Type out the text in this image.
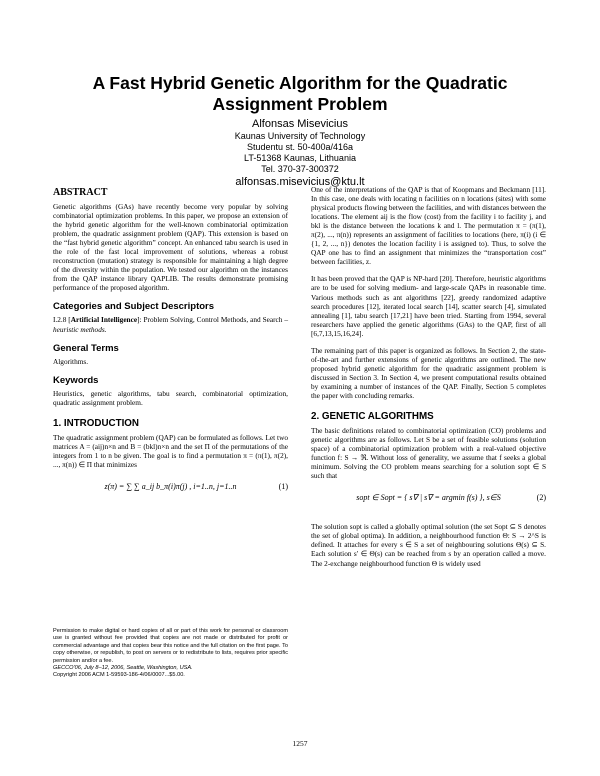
A Fast Hybrid Genetic Algorithm for the Quadratic
Assignment Problem
Alfonsas Misevicius
Kaunas University of Technology
Studentu st. 50-400a/416a
LT-51368 Kaunas, Lithuania
Tel. 370-37-300372
alfonsas.misevicius@ktu.lt
ABSTRACT

Genetic algorithms (GAs) have recently become very popular by solving combinatorial optimization problems. In this paper, we propose an extension of the hybrid genetic algorithm for the well-known combinatorial optimization problem, the quadratic assignment problem (QAP). This extension is based on the “fast hybrid genetic algorithm” concept. An enhanced tabu search is used in the role of the fast local improvement of solutions, whereas a robust reconstruction (mutation) strategy is responsible for maintaining a high degree of the diversity within the population. We tested our algorithm on the instances from the QAP instance library QAPLIB. The results demonstrate promising performance of the proposed algorithm.

Categories and Subject Descriptors

I.2.8 [Artificial Intelligence]: Problem Solving, Control Methods, and Search – heuristic methods.

General Terms

Algorithms.

Keywords

Heuristics, genetic algorithms, tabu search, combinatorial optimization, quadratic assignment problem.

1. INTRODUCTION

The quadratic assignment problem (QAP) can be formulated as follows. Let two matrices A = (aij)n×n and B = (bkl)n×n and the set Π of the permutations of the integers from 1 to n be given. The goal is to find a permutation π = (π(1), π(2), ..., π(n)) ∈ Π that minimizes

z(π) = ∑ ∑ a_ij b_π(i)π(j) , i=1..n, j=1..n	(1)
Permission to make digital or hard copies of all or part of this work for personal or classroom use is granted without fee provided that copies are not made or distributed for profit or commercial advantage and that copies bear this notice and the full citation on the first page. To copy otherwise, or republish, to post on servers or to redistribute to lists, requires prior specific permission and/or a fee.
GECCO'06, July 8–12, 2006, Seattle, Washington, USA.
Copyright 2006 ACM 1-59593-186-4/06/0007...$5.00.

One of the interpretations of the QAP is that of Koopmans and Beckmann [11]. In this case, one deals with locating n facilities on n locations (sites) with some physical products flowing between the facilities, and with distances between the locations. The element aij is the flow (cost) from the facility i to facility j, and bkl is the distance between the locations k and l. The permutation π = (π(1), π(2), ..., π(n)) represents an assignment of facilities to locations (here, π(i) (i ∈ {1, 2, ..., n}) denotes the location facility i is assigned to). Thus, to solve the QAP one has to find an assignment that minimizes the “transportation cost” between facilities, z.

It has been proved that the QAP is NP-hard [20]. Therefore, heuristic algorithms are to be used for solving medium- and large-scale QAPs in reasonable time. Various methods such as ant algorithms [22], greedy randomized adaptive search procedures [12], iterated local search [14], scatter search [4], simulated annealing [1], tabu search [17,21] have been tried. Starting from 1994, several researchers have applied the genetic algorithms (GAs) to the QAP, first of all [6,7,13,15,16,24].

The remaining part of this paper is organized as follows. In Section 2, the state-of-the-art and further extensions of genetic algorithms are outlined. The new proposed hybrid genetic algorithm for the quadratic assignment problem is discussed in Section 3. In Section 4, we present computational results obtained by examining a number of instances of the QAP. Finally, Section 5 completes the paper with concluding remarks.

2. GENETIC ALGORITHMS

The basic definitions related to combinatorial optimization (CO) problems and genetic algorithms are as follows. Let S be a set of feasible solutions (solution space) of a combinatorial optimization problem with a real-valued objective function f: S → ℜ. Without loss of generality, we assume that f seeks a global minimum. Solving the CO problem means searching for a solution sopt ∈ S such that

sopt ∈ Sopt = { s∇ | s∇ = argmin f(s) }, s∈S	(2)

The solution sopt is called a globally optimal solution (the set Sopt ⊆ S denotes the set of global optima). In addition, a neighbourhood function Θ: S → 2^S is defined. It attaches for every s ∈ S a set of neighbouring solutions Θ(s) ⊆ S. Each solution s′ ∈ Θ(s) can be reached from s by an operation called a move. The 2-exchange neighbourhood function Θ is widely used

1257
